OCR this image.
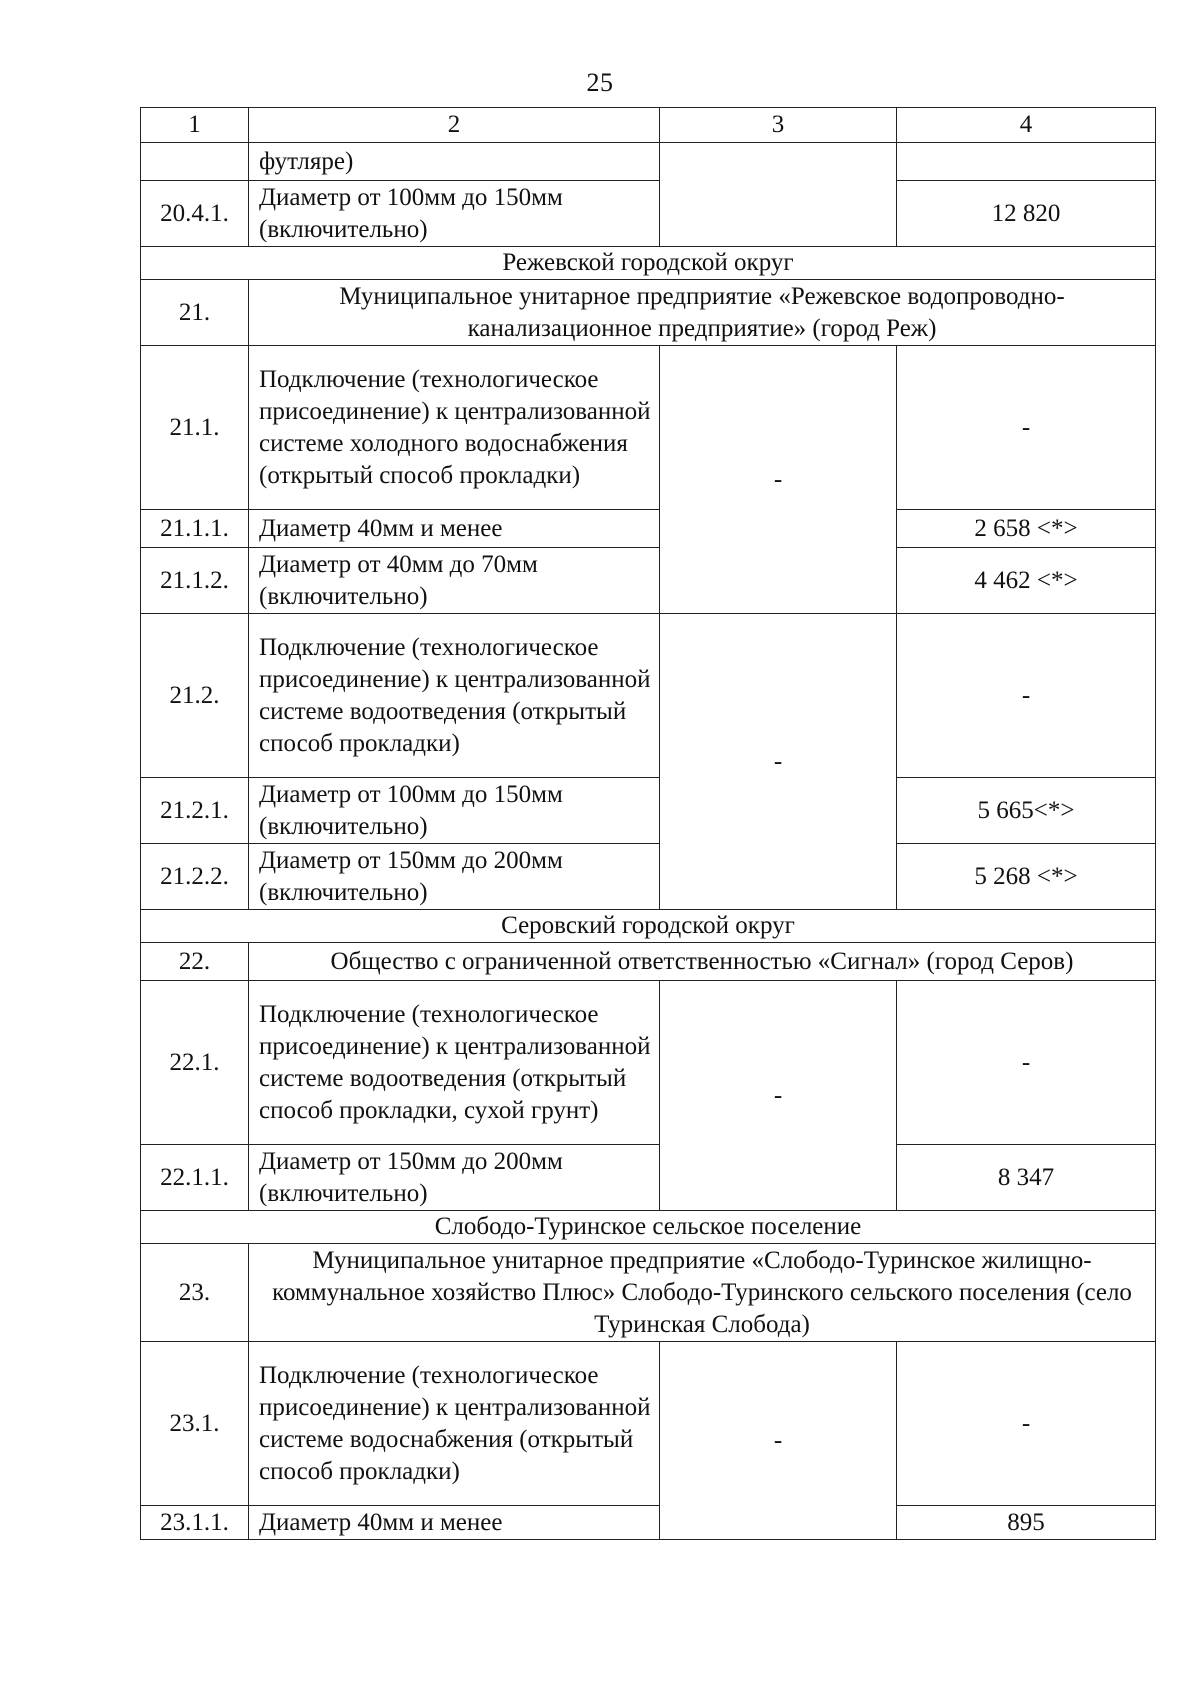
25
1	2	3	4
	футляре)		
20.4.1.	Диаметр от 100мм до 150мм (включительно)		12 820
Режевской городской округ			
21.	Муниципальное унитарное предприятие «Режевское водопроводно-канализационное предприятие» (город Реж)		
21.1.	Подключение (технологическое присоединение) к централизованной системе холодного водоснабжения (открытый способ прокладки)	-	-
21.1.1.	Диаметр 40мм и менее		2 658 <*>
21.1.2.	Диаметр от 40мм до 70мм (включительно)		4 462 <*>
21.2.	Подключение (технологическое присоединение) к централизованной системе водоотведения (открытый способ прокладки)	-	-
21.2.1.	Диаметр от 100мм до 150мм (включительно)		5 665<*>
21.2.2.	Диаметр от 150мм до 200мм (включительно)		5 268 <*>
Серовский городской округ			
22.	Общество с ограниченной ответственностью «Сигнал» (город Серов)		
22.1.	Подключение (технологическое присоединение) к централизованной системе водоотведения (открытый способ прокладки, сухой грунт)	-	-
22.1.1.	Диаметр от 150мм до 200мм (включительно)		8 347
Слободо-Туринское сельское поселение			
23.	Муниципальное унитарное предприятие «Слободо-Туринское жилищно-коммунальное хозяйство Плюс» Слободо-Туринского сельского поселения (село Туринская Слобода)		
23.1.	Подключение (технологическое присоединение) к централизованной системе водоснабжения (открытый способ прокладки)	-	-
23.1.1.	Диаметр 40мм и менее		895
